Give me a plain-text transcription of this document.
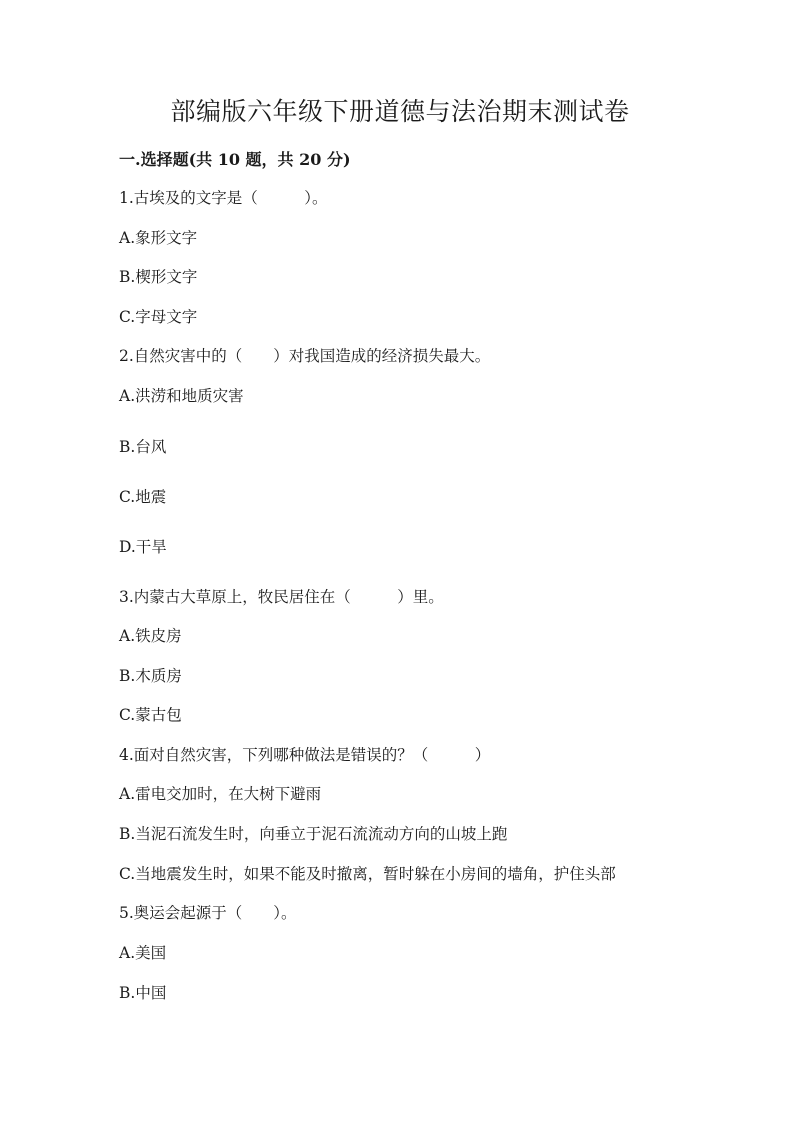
部编版六年级下册道德与法治期末测试卷
一.选择题(共 10 题，共 20 分)
1.古埃及的文字是（　　　）。
A.象形文字
B.楔形文字
C.字母文字
2.自然灾害中的（　　）对我国造成的经济损失最大。
A.洪涝和地质灾害
B.台风
C.地震
D.干旱
3.内蒙古大草原上，牧民居住在（　　　）里。
A.铁皮房
B.木质房
C.蒙古包
4.面对自然灾害，下列哪种做法是错误的？（　　　）
A.雷电交加时，在大树下避雨
B.当泥石流发生时，向垂立于泥石流流动方向的山坡上跑
C.当地震发生时，如果不能及时撤离，暂时躲在小房间的墙角，护住头部
5.奥运会起源于（　　）。
A.美国
B.中国
